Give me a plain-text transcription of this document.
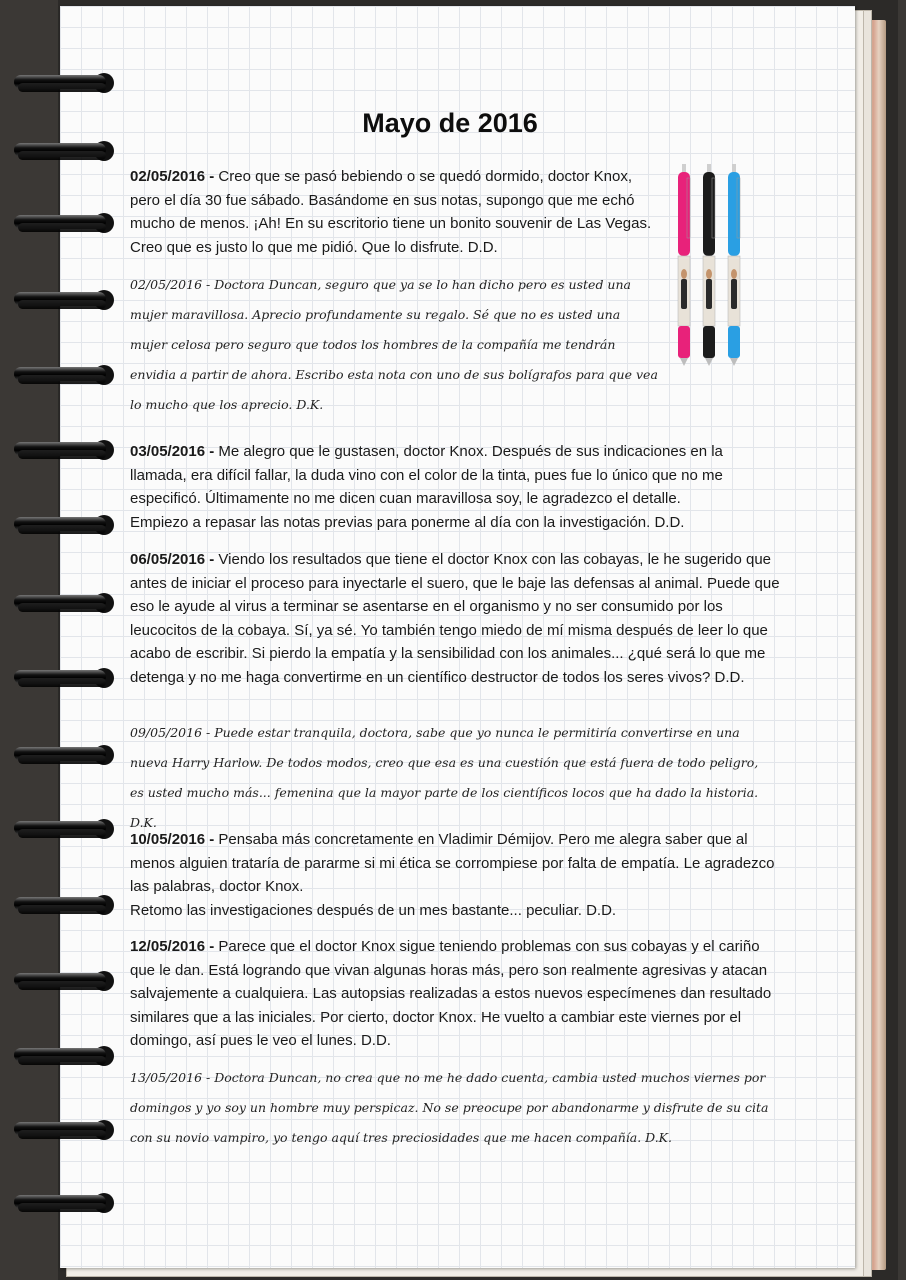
Mayo de 2016

02/05/2016 - Creo que se pasó bebiendo o se quedó dormido, doctor Knox, pero el día 30 fue sábado. Basándome en sus notas, supongo que me echó mucho de menos. ¡Ah! En su escritorio tiene un bonito souvenir de Las Vegas. Creo que es justo lo que me pidió. Que lo disfrute. D.D.

02/05/2016 - Doctora Duncan, seguro que ya se lo han dicho pero es usted una mujer maravillosa. Aprecio profundamente su regalo. Sé que no es usted una mujer celosa pero seguro que todos los hombres de la compañía me tendrán envidia a partir de ahora. Escribo esta nota con uno de sus bolígrafos para que vea lo mucho que los aprecio. D.K.

03/05/2016 - Me alegro que le gustasen, doctor Knox. Después de sus indicaciones en la llamada, era difícil fallar, la duda vino con el color de la tinta, pues fue lo único que no me especificó. Últimamente no me dicen cuan maravillosa soy, le agradezco el detalle.
Empiezo a repasar las notas previas para ponerme al día con la investigación. D.D.

06/05/2016 - Viendo los resultados que tiene el doctor Knox con las cobayas, le he sugerido que antes de iniciar el proceso para inyectarle el suero, que le baje las defensas al animal. Puede que eso le ayude al virus a terminar se asentarse en el organismo y no ser consumido por los leucocitos de la cobaya. Sí, ya sé. Yo también tengo miedo de mí misma después de leer lo que acabo de escribir. Si pierdo la empatía y la sensibilidad con los animales... ¿qué será lo que me detenga y no me haga convertirme en un científico destructor de todos los seres vivos? D.D.

09/05/2016 - Puede estar tranquila, doctora, sabe que yo nunca le permitiría convertirse en una nueva Harry Harlow. De todos modos, creo que esa es una cuestión que está fuera de todo peligro, es usted mucho más... femenina que la mayor parte de los científicos locos que ha dado la historia. D.K.

10/05/2016 - Pensaba más concretamente en Vladimir Démijov. Pero me alegra saber que al menos alguien trataría de pararme si mi ética se corrompiese por falta de empatía. Le agradezco las palabras, doctor Knox.
Retomo las investigaciones después de un mes bastante... peculiar. D.D.

12/05/2016 - Parece que el doctor Knox sigue teniendo problemas con sus cobayas y el cariño que le dan. Está logrando que vivan algunas horas más, pero son realmente agresivas y atacan salvajemente a cualquiera. Las autopsias realizadas a estos nuevos especímenes dan resultado similares que a las iniciales. Por cierto, doctor Knox. He vuelto a cambiar este viernes por el domingo, así pues le veo el lunes. D.D.

13/05/2016 - Doctora Duncan, no crea que no me he dado cuenta, cambia usted muchos viernes por domingos y yo soy un hombre muy perspicaz. No se preocupe por abandonarme y disfrute de su cita con su novio vampiro, yo tengo aquí tres preciosidades que me hacen compañía. D.K.
